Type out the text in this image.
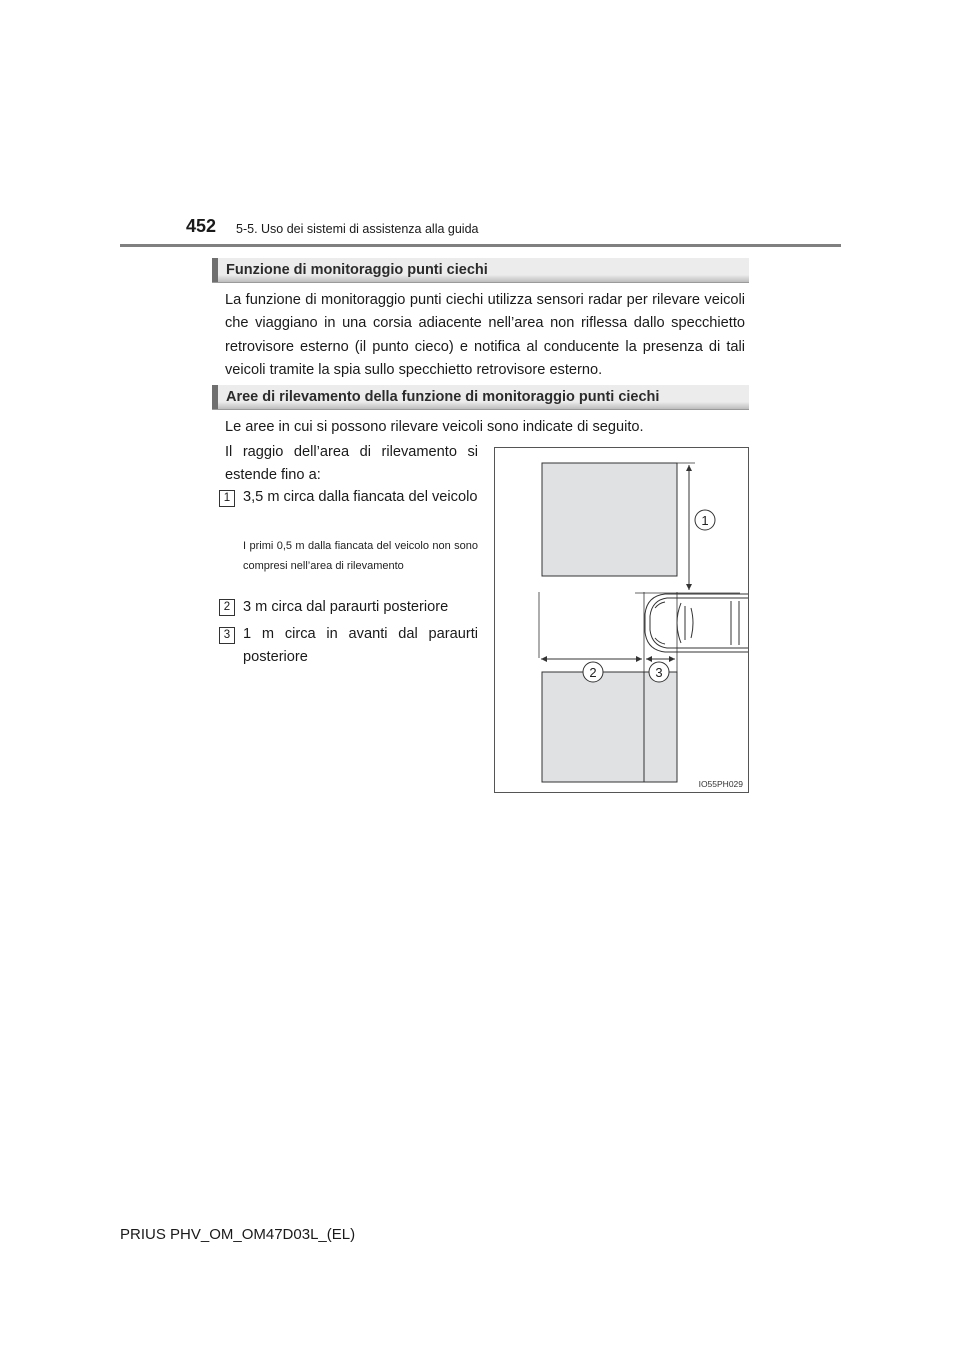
452 5-5. Uso dei sistemi di assistenza alla guida
Funzione di monitoraggio punti ciechi
La funzione di monitoraggio punti ciechi utilizza sensori radar per rilevare veicoli che viaggiano in una corsia adiacente nell’area non riflessa dallo specchietto retrovisore esterno (il punto cieco) e notifica al conducente la presenza di tali veicoli tramite la spia sullo specchietto retrovisore esterno.
Aree di rilevamento della funzione di monitoraggio punti ciechi
Le aree in cui si possono rilevare veicoli sono indicate di seguito.
Il raggio dell’area di rilevamento si estende fino a:
1 3,5 m circa dalla fiancata del veicolo
I primi 0,5 m dalla fiancata del veicolo non sono compresi nell’area di rilevamento
2 3 m circa dal paraurti posteriore
3 1 m circa in avanti dal paraurti posteriore
1
2	3
IO55PH029
PRIUS PHV_OM_OM47D03L_(EL)
